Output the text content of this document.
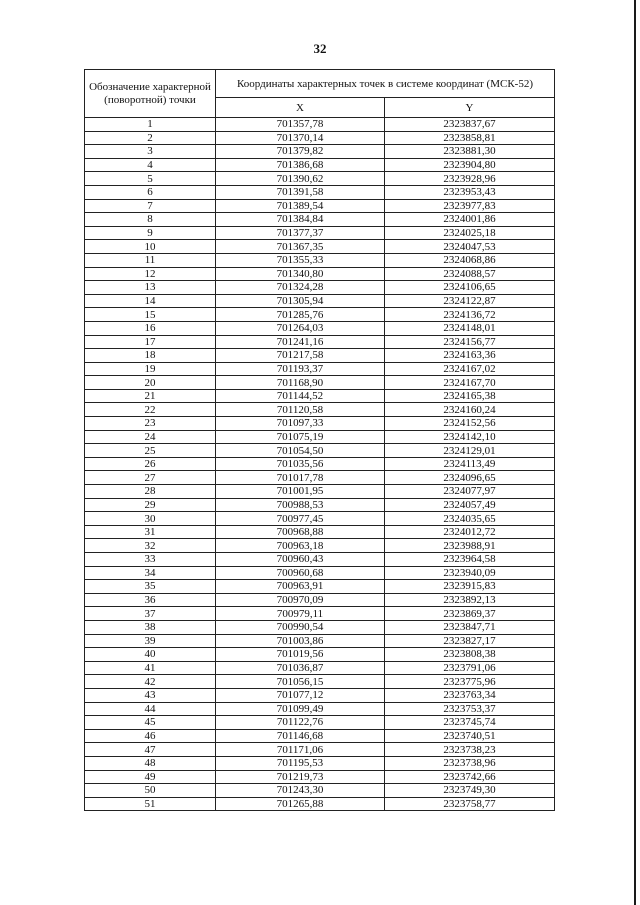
32
Обозначение характерной (поворотной) точки	Координаты характерных точек в системе координат (МСК-52)	
	X	Y
1	701357,78	2323837,67
2	701370,14	2323858,81
3	701379,82	2323881,30
4	701386,68	2323904,80
5	701390,62	2323928,96
6	701391,58	2323953,43
7	701389,54	2323977,83
8	701384,84	2324001,86
9	701377,37	2324025,18
10	701367,35	2324047,53
11	701355,33	2324068,86
12	701340,80	2324088,57
13	701324,28	2324106,65
14	701305,94	2324122,87
15	701285,76	2324136,72
16	701264,03	2324148,01
17	701241,16	2324156,77
18	701217,58	2324163,36
19	701193,37	2324167,02
20	701168,90	2324167,70
21	701144,52	2324165,38
22	701120,58	2324160,24
23	701097,33	2324152,56
24	701075,19	2324142,10
25	701054,50	2324129,01
26	701035,56	2324113,49
27	701017,78	2324096,65
28	701001,95	2324077,97
29	700988,53	2324057,49
30	700977,45	2324035,65
31	700968,88	2324012,72
32	700963,18	2323988,91
33	700960,43	2323964,58
34	700960,68	2323940,09
35	700963,91	2323915,83
36	700970,09	2323892,13
37	700979,11	2323869,37
38	700990,54	2323847,71
39	701003,86	2323827,17
40	701019,56	2323808,38
41	701036,87	2323791,06
42	701056,15	2323775,96
43	701077,12	2323763,34
44	701099,49	2323753,37
45	701122,76	2323745,74
46	701146,68	2323740,51
47	701171,06	2323738,23
48	701195,53	2323738,96
49	701219,73	2323742,66
50	701243,30	2323749,30
51	701265,88	2323758,77
